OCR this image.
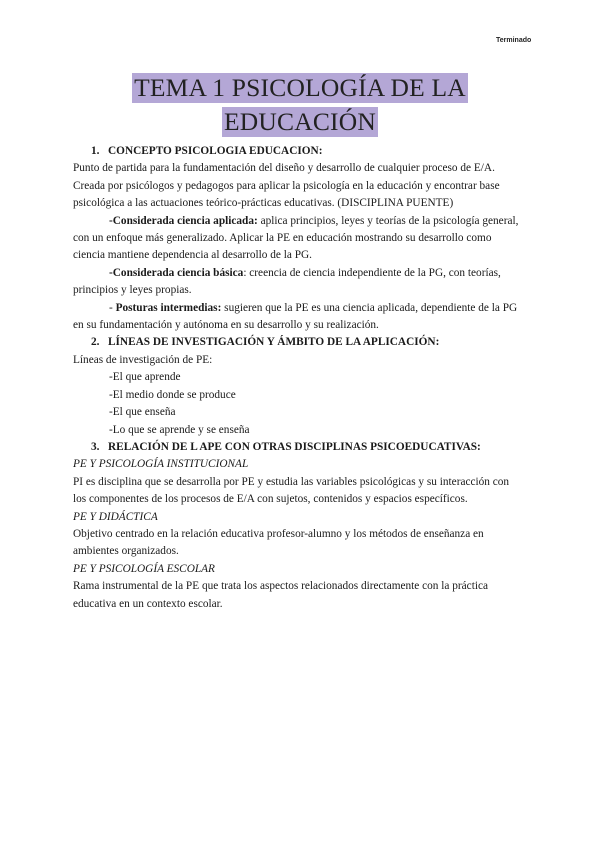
Terminado
TEMA 1 PSICOLOGÍA DE LA
EDUCACIÓN

1. CONCEPTO PSICOLOGIA EDUCACION:

Punto de partida para la fundamentación del diseño y desarrollo de cualquier proceso de E/A.

Creada por psicólogos y pedagogos para aplicar la psicología en la educación y encontrar base psicológica a las actuaciones teórico-prácticas educativas. (DISCIPLINA PUENTE)

-Considerada ciencia aplicada: aplica principios, leyes y teorías de la psicología general, con un enfoque más generalizado. Aplicar la PE en educación mostrando su desarrollo como ciencia mantiene dependencia al desarrollo de la PG.

-Considerada ciencia básica: creencia de ciencia independiente de la PG, con teorías, principios y leyes propias.

- Posturas intermedias: sugieren que la PE es una ciencia aplicada, dependiente de la PG en su fundamentación y autónoma en su desarrollo y su realización.

2. LÍNEAS DE INVESTIGACIÓN Y ÁMBITO DE LA APLICACIÓN:

Líneas de investigación de PE:

-El que aprende

-El medio donde se produce

-El que enseña

-Lo que se aprende y se enseña

3. RELACIÓN DE L APE CON OTRAS DISCIPLINAS PSICOEDUCATIVAS:

PE Y PSICOLOGÍA INSTITUCIONAL

PI es disciplina que se desarrolla por PE y estudia las variables psicológicas y su interacción con los componentes de los procesos de E/A con sujetos, contenidos y espacios específicos.

PE Y DIDÁCTICA

Objetivo centrado en la relación educativa profesor-alumno y los métodos de enseñanza en ambientes organizados.

PE Y PSICOLOGÍA ESCOLAR

Rama instrumental de la PE que trata los aspectos relacionados directamente con la práctica educativa en un contexto escolar.
